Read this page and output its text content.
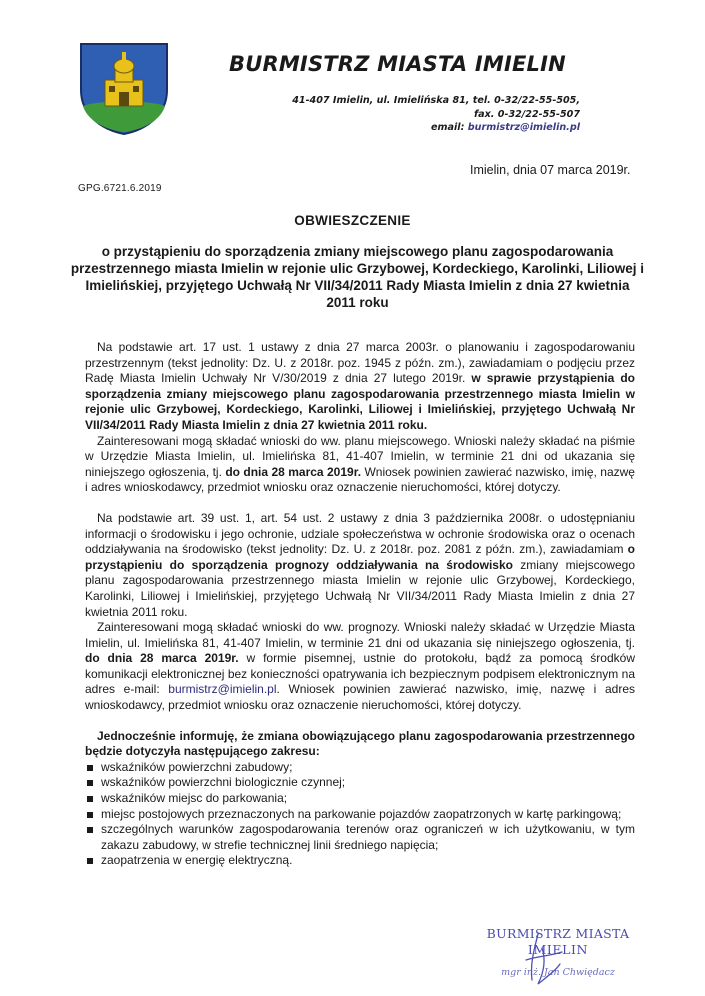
BURMISTRZ MIASTA IMIELIN
41-407 Imielin, ul. Imielińska 81, tel. 0-32/22-55-505,
fax. 0-32/22-55-507
email: burmistrz@imielin.pl
Imielin, dnia 07 marca 2019r.
GPG.6721.6.2019
OBWIESZCZENIE
o przystąpieniu do sporządzenia zmiany miejscowego planu zagospodarowania przestrzennego miasta Imielin w rejonie ulic Grzybowej, Kordeckiego, Karolinki, Liliowej i Imielińskiej, przyjętego Uchwałą Nr VII/34/2011 Rady Miasta Imielin z dnia 27 kwietnia 2011 roku

Na podstawie art. 17 ust. 1 ustawy z dnia 27 marca 2003r. o planowaniu i zagospodarowaniu przestrzennym (tekst jednolity: Dz. U. z 2018r. poz. 1945 z późn. zm.), zawiadamiam o podjęciu przez Radę Miasta Imielin Uchwały Nr V/30/2019 z dnia 27 lutego 2019r. w sprawie przystąpienia do sporządzenia zmiany miejscowego planu zagospodarowania przestrzennego miasta Imielin w rejonie ulic Grzybowej, Kordeckiego, Karolinki, Liliowej i Imielińskiej, przyjętego Uchwałą Nr VII/34/2011 Rady Miasta Imielin z dnia 27 kwietnia 2011 roku.

Zainteresowani mogą składać wnioski do ww. planu miejscowego. Wnioski należy składać na piśmie w Urzędzie Miasta Imielin, ul. Imielińska 81, 41-407 Imielin, w terminie 21 dni od ukazania się niniejszego ogłoszenia, tj. do dnia 28 marca 2019r. Wniosek powinien zawierać nazwisko, imię, nazwę i adres wnioskodawcy, przedmiot wniosku oraz oznaczenie nieruchomości, której dotyczy.

Na podstawie art. 39 ust. 1, art. 54 ust. 2 ustawy z dnia 3 października 2008r. o udostępnianiu informacji o środowisku i jego ochronie, udziale społeczeństwa w ochronie środowiska oraz o ocenach oddziaływania na środowisko (tekst jednolity: Dz. U. z 2018r. poz. 2081 z późn. zm.), zawiadamiam o przystąpieniu do sporządzenia prognozy oddziaływania na środowisko zmiany miejscowego planu zagospodarowania przestrzennego miasta Imielin w rejonie ulic Grzybowej, Kordeckiego, Karolinki, Liliowej i Imielińskiej, przyjętego Uchwałą Nr VII/34/2011 Rady Miasta Imielin z dnia 27 kwietnia 2011 roku.

Zainteresowani mogą składać wnioski do ww. prognozy. Wnioski należy składać w Urzędzie Miasta Imielin, ul. Imielińska 81, 41-407 Imielin, w terminie 21 dni od ukazania się niniejszego ogłoszenia, tj. do dnia 28 marca 2019r. w formie pisemnej, ustnie do protokołu, bądź za pomocą środków komunikacji elektronicznej bez konieczności opatrywania ich bezpiecznym podpisem elektronicznym na adres e-mail: burmistrz@imielin.pl. Wniosek powinien zawierać nazwisko, imię, nazwę i adres wnioskodawcy, przedmiot wniosku oraz oznaczenie nieruchomości, której dotyczy.

Jednocześnie informuję, że zmiana obowiązującego planu zagospodarowania przestrzennego będzie dotyczyła następującego zakresu:

wskaźników powierzchni zabudowy;
wskaźników powierzchni biologicznie czynnej;
wskaźników miejsc do parkowania;
miejsc postojowych przeznaczonych na parkowanie pojazdów zaopatrzonych w kartę parkingową;
szczególnych warunków zagospodarowania terenów oraz ograniczeń w ich użytkowaniu, w tym zakazu zabudowy, w strefie technicznej linii średniego napięcia;
zaopatrzenia w energię elektryczną.
BURMISTRZ MIASTA
IMIELIN
mgr inż. Jan Chwiędacz
